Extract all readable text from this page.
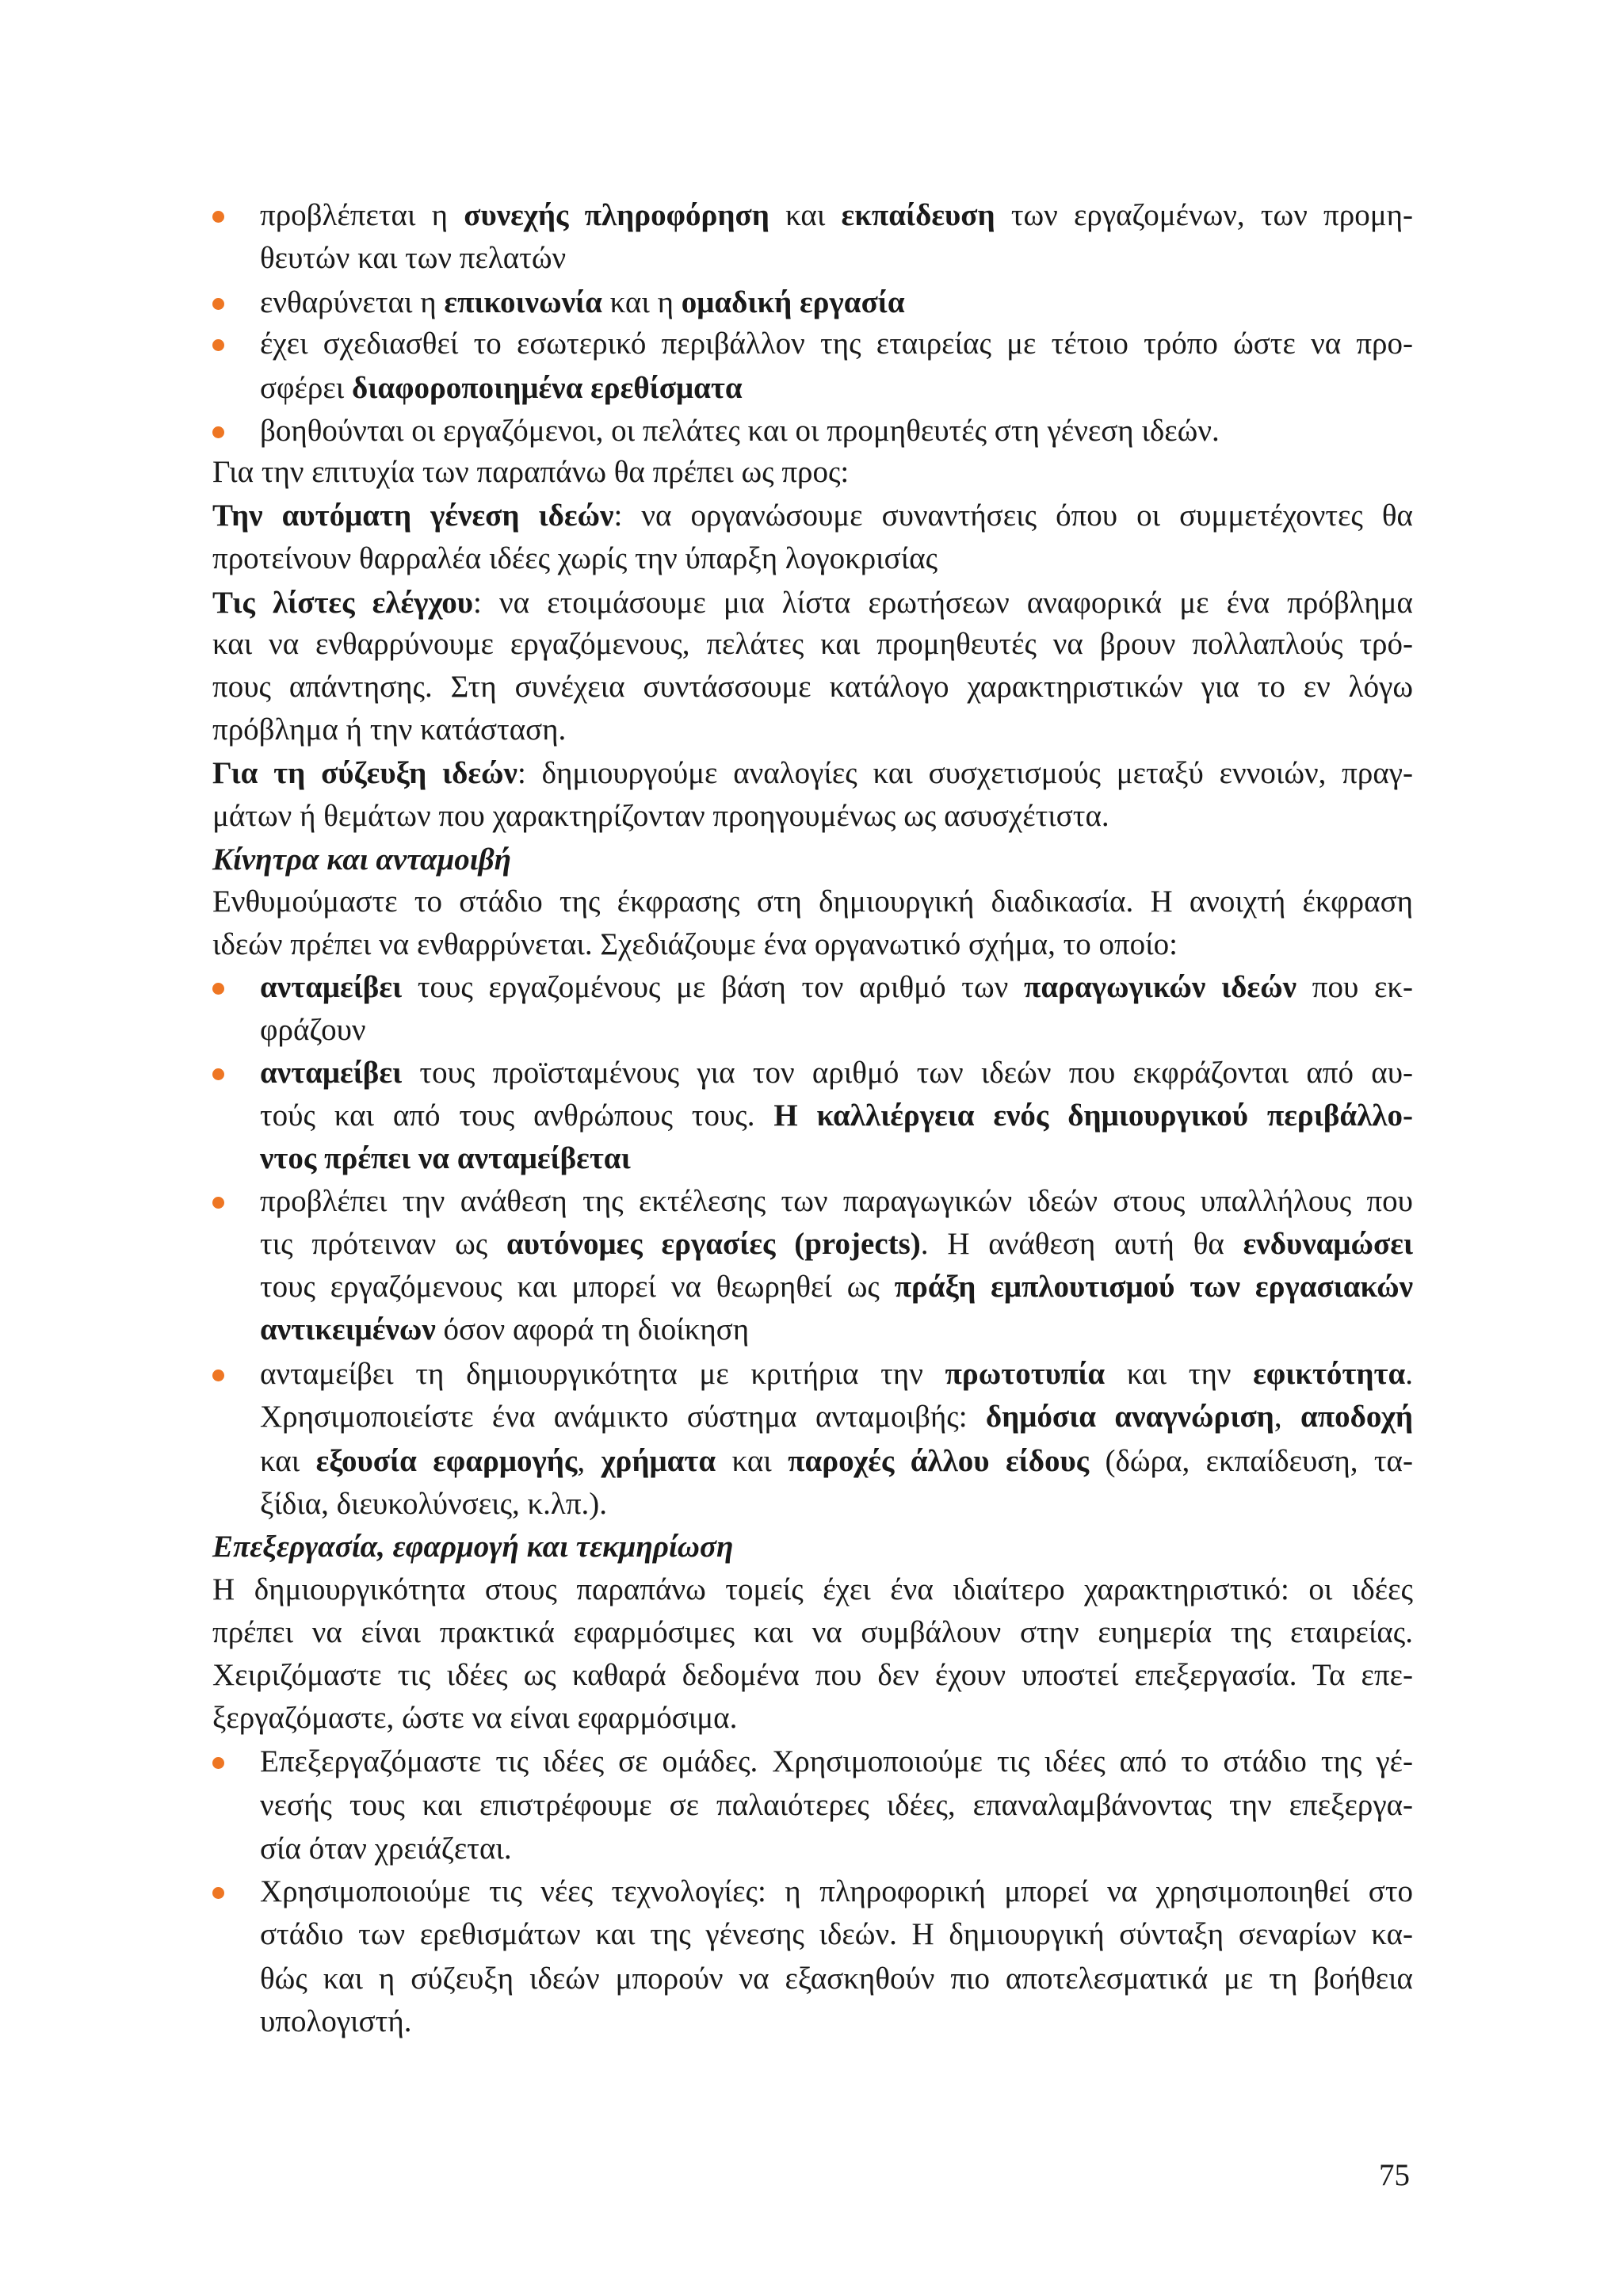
προβλέπεται η συνεχής πληροφόρηση και εκπαίδευση των εργαζομένων, των προμη-
θευτών και των πελατών
ενθαρύνεται η επικοινωνία και η ομαδική εργασία
έχει σχεδιασθεί το εσωτερικό περιβάλλον της εταιρείας με τέτοιο τρόπο ώστε να προ-
σφέρει διαφοροποιημένα ερεθίσματα
βοηθούνται οι εργαζόμενοι, οι πελάτες και οι προμηθευτές στη γένεση ιδεών.
Για την επιτυχία των παραπάνω θα πρέπει ως προς:
Την αυτόματη γένεση ιδεών: να οργανώσουμε συναντήσεις όπου οι συμμετέχοντες θα
προτείνουν θαρραλέα ιδέες χωρίς την ύπαρξη λογοκρισίας
Τις λίστες ελέγχου: να ετοιμάσουμε μια λίστα ερωτήσεων αναφορικά με ένα πρόβλημα
και να ενθαρρύνουμε εργαζόμενους, πελάτες και προμηθευτές να βρουν πολλαπλούς τρό-
πους απάντησης. Στη συνέχεια συντάσσουμε κατάλογο χαρακτηριστικών για το εν λόγω
πρόβλημα ή την κατάσταση.
Για τη σύζευξη ιδεών: δημιουργούμε αναλογίες και συσχετισμούς μεταξύ εννοιών, πραγ-
μάτων ή θεμάτων που χαρακτηρίζονταν προηγουμένως ως ασυσχέτιστα.
Κίνητρα και ανταμοιβή
Ενθυμούμαστε το στάδιο της έκφρασης στη δημιουργική διαδικασία. Η ανοιχτή έκφραση
ιδεών πρέπει να ενθαρρύνεται. Σχεδιάζουμε ένα οργανωτικό σχήμα, το οποίο:
ανταμείβει τους εργαζομένους με βάση τον αριθμό των παραγωγικών ιδεών που εκ-
φράζουν
ανταμείβει τους προϊσταμένους για τον αριθμό των ιδεών που εκφράζονται από αυ-
τούς και από τους ανθρώπους τους. Η καλλιέργεια ενός δημιουργικού περιβάλλο-
ντος πρέπει να ανταμείβεται
προβλέπει την ανάθεση της εκτέλεσης των παραγωγικών ιδεών στους υπαλλήλους που
τις πρότειναν ως αυτόνομες εργασίες (projects). Η ανάθεση αυτή θα ενδυναμώσει
τους εργαζόμενους και μπορεί να θεωρηθεί ως πράξη εμπλουτισμού των εργασιακών
αντικειμένων όσον αφορά τη διοίκηση
ανταμείβει τη δημιουργικότητα με κριτήρια την πρωτοτυπία και την εφικτότητα.
Χρησιμοποιείστε ένα ανάμικτο σύστημα ανταμοιβής: δημόσια αναγνώριση, αποδοχή
και εξουσία εφαρμογής, χρήματα και παροχές άλλου είδους (δώρα, εκπαίδευση, τα-
ξίδια, διευκολύνσεις, κ.λπ.).
Επεξεργασία, εφαρμογή και τεκμηρίωση
Η δημιουργικότητα στους παραπάνω τομείς έχει ένα ιδιαίτερο χαρακτηριστικό: οι ιδέες
πρέπει να είναι πρακτικά εφαρμόσιμες και να συμβάλουν στην ευημερία της εταιρείας.
Χειριζόμαστε τις ιδέες ως καθαρά δεδομένα που δεν έχουν υποστεί επεξεργασία. Τα επε-
ξεργαζόμαστε, ώστε να είναι εφαρμόσιμα.
Επεξεργαζόμαστε τις ιδέες σε ομάδες. Χρησιμοποιούμε τις ιδέες από το στάδιο της γέ-
νεσής τους και επιστρέφουμε σε παλαιότερες ιδέες, επαναλαμβάνοντας την επεξεργα-
σία όταν χρειάζεται.
Χρησιμοποιούμε τις νέες τεχνολογίες: η πληροφορική μπορεί να χρησιμοποιηθεί στο
στάδιο των ερεθισμάτων και της γένεσης ιδεών. Η δημιουργική σύνταξη σεναρίων κα-
θώς και η σύζευξη ιδεών μπορούν να εξασκηθούν πιο αποτελεσματικά με τη βοήθεια
υπολογιστή.
75
